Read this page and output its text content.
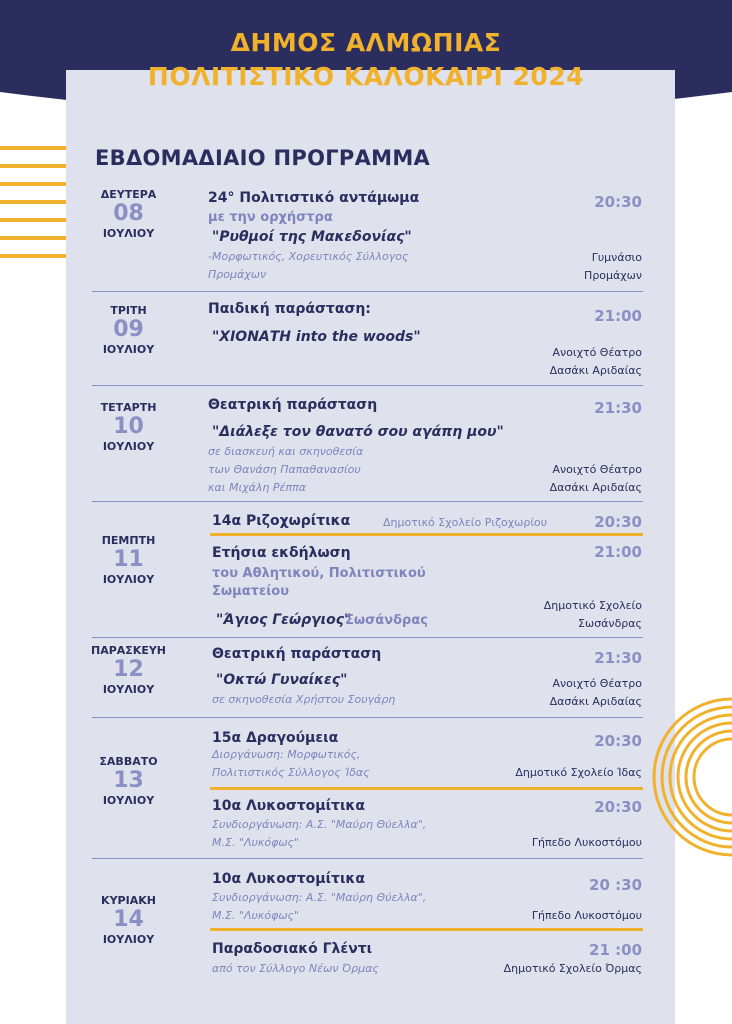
ΔΗΜΟΣ ΑΛΜΩΠΙΑΣ
ΠΟΛΙΤΙΣΤΙΚΟ ΚΑΛΟΚΑΙΡΙ 2024
ΕΒΔΟΜΑΔΙΑΙΟ ΠΡΟΓΡΑΜΜΑ
ΔΕΥΤΕΡΑ
08
ΙΟΥΛΙΟΥ
ΤΡΙΤΗ
09
ΙΟΥΛΙΟΥ
ΤΕΤΑΡΤΗ
10
ΙΟΥΛΙΟΥ
ΠΕΜΠΤΗ
11
ΙΟΥΛΙΟΥ
ΠΑΡΑΣΚΕΥΗ
12
ΙΟΥΛΙΟΥ
ΣΑΒΒΑΤΟ
13
ΙΟΥΛΙΟΥ
ΚΥΡΙΑΚΗ
14
ΙΟΥΛΙΟΥ
24° Πολιτιστικό αντάμωμα
με την ορχήστρα
"Ρυθμοί της Μακεδονίας"
-Μορφωτικός, Χορευτικός Σύλλογος
Προμάχων
20:30
Γυμνάσιο
Προμάχων
Παιδική παράσταση:
"ΧΙΟΝΑΤΗ into the woods"
21:00
Ανοιχτό Θέατρο
Δασάκι Αριδαίας
Θεατρική παράσταση
"Διάλεξε τον θανατό σου αγάπη μου"
σε διασκευή και σκηνοθεσία
των Θανάση Παπαθανασίου
και Μιχάλη Ρέππα
21:30
Ανοιχτό Θέατρο
Δασάκι Αριδαίας
14α Ριζοχωρίτικα	Δημοτικό Σχολείο Ριζοχωρίου	20:30
Ετήσια εκδήλωση
του Αθλητικού, Πολιτιστικού
Σωματείου
"Άγιος Γεώργιος"
Σωσάνδρας
21:00
Δημοτικό Σχολείο
Σωσάνδρας
Θεατρική παράσταση
"Οκτώ Γυναίκες"
σε σκηνοθεσία Χρήστου Σουγάρη
21:30
Ανοιχτό Θέατρο
Δασάκι Αριδαίας
15α Δραγούμεια
Διοργάνωση: Μορφωτικός,
Πολιτιστικός Σύλλογος Ίδας
20:30
Δημοτικό Σχολείο Ίδας
10α Λυκοστομίτικα
Συνδιοργάνωση: Α.Σ. "Μαύρη Θύελλα",
Μ.Σ. "Λυκόφως"
20:30
Γήπεδο Λυκοστόμου
10α Λυκοστομίτικα
Συνδιοργάνωση: Α.Σ. "Μαύρη Θύελλα",
Μ.Σ. "Λυκόφως"
20 :30
Γήπεδο Λυκοστόμου
Παραδοσιακό Γλέντι
από τον Σύλλογο Νέων Όρμας
21 :00
Δημοτικό Σχολείο Όρμας
